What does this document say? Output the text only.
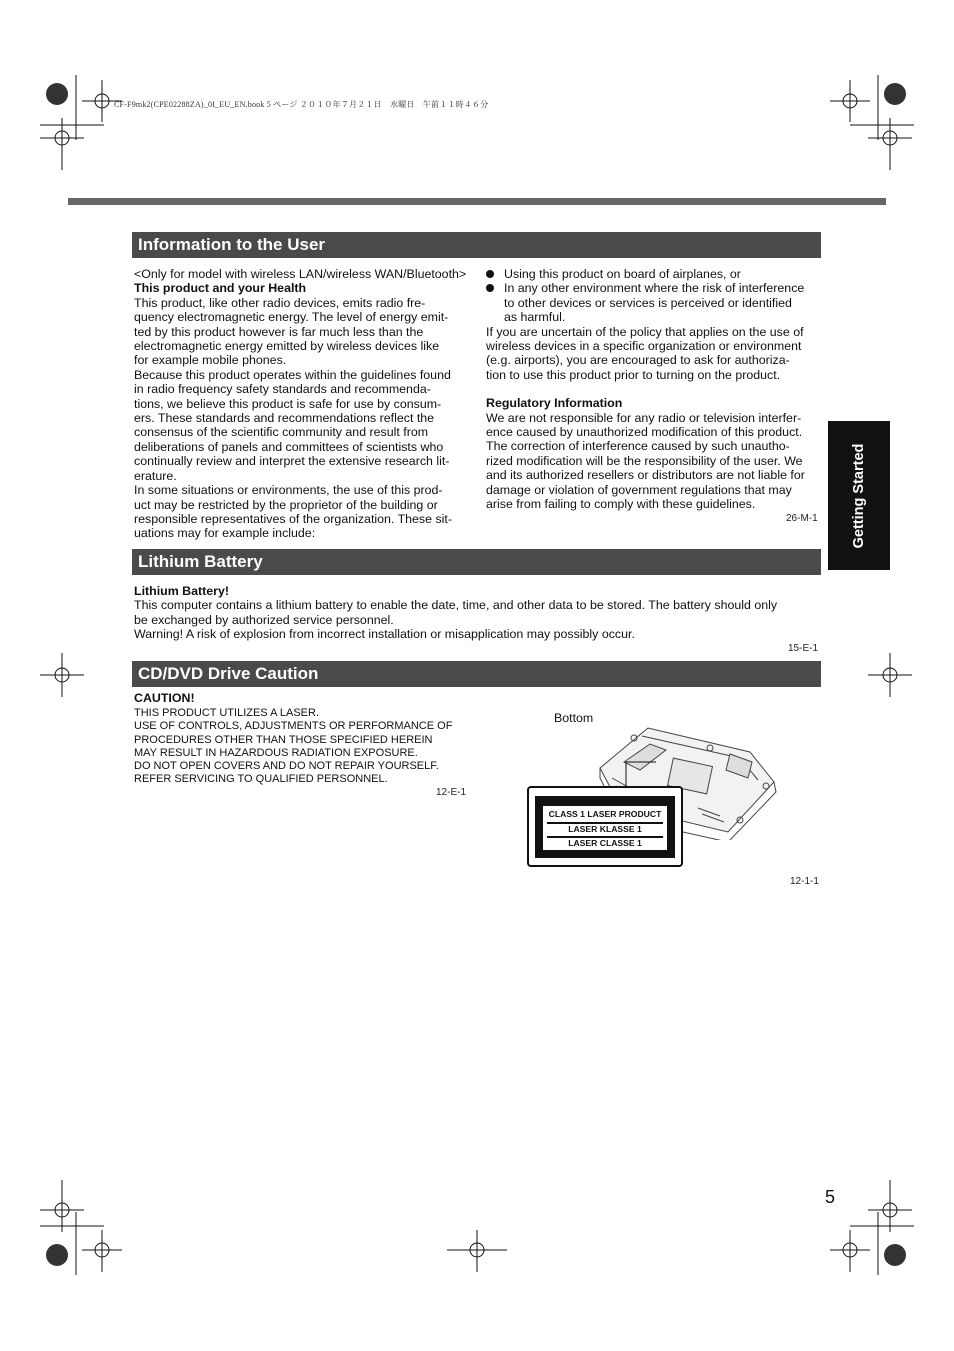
CF-F9mk2(CPE02288ZA)_0I_EU_EN.book 5 ページ ２０１０年７月２１日　水曜日　午前１１時４６分
Information to the User

<Only for model with wireless LAN/wireless WAN/Bluetooth>

This product and your Health

This product, like other radio devices, emits radio fre-

quency electromagnetic energy. The level of energy emit-

ted by this product however is far much less than the

electromagnetic energy emitted by wireless devices like

for example mobile phones.

Because this product operates within the guidelines found

in radio frequency safety standards and recommenda-

tions, we believe this product is safe for use by consum-

ers. These standards and recommendations reflect the

consensus of the scientific community and result from

deliberations of panels and committees of scientists who

continually review and interpret the extensive research lit-

erature.

In some situations or environments, the use of this prod-

uct may be restricted by the proprietor of the building or

responsible representatives of the organization. These sit-

uations may for example include:

Using this product on board of airplanes, or

In any other environment where the risk of interference

to other devices or services is perceived or identified

as harmful.

If you are uncertain of the policy that applies on the use of

wireless devices in a specific organization or environment

(e.g. airports), you are encouraged to ask for authoriza-

tion to use this product prior to turning on the product.

Regulatory Information

We are not responsible for any radio or television interfer-

ence caused by unauthorized modification of this product.

The correction of interference caused by such unautho-

rized modification will be the responsibility of the user. We

and its authorized resellers or distributors are not liable for

damage or violation of government regulations that may

arise from failing to comply with these guidelines.

26-M-1
Lithium Battery

Lithium Battery!

This computer contains a lithium battery to enable the date, time, and other data to be stored. The battery should only

be exchanged by authorized service personnel.

Warning! A risk of explosion from incorrect installation or misapplication may possibly occur.

15-E-1
CD/DVD Drive Caution

CAUTION!

THIS PRODUCT UTILIZES A LASER.

USE OF CONTROLS, ADJUSTMENTS OR PERFORMANCE OF

PROCEDURES OTHER THAN THOSE SPECIFIED HEREIN

MAY RESULT IN HAZARDOUS RADIATION EXPOSURE.

DO NOT OPEN COVERS AND DO NOT REPAIR YOURSELF.

REFER SERVICING TO QUALIFIED PERSONNEL.

12-E-1
Bottom
CLASS 1 LASER PRODUCT
LASER KLASSE 1
LASER CLASSE 1
12-1-1
Getting Started
5
